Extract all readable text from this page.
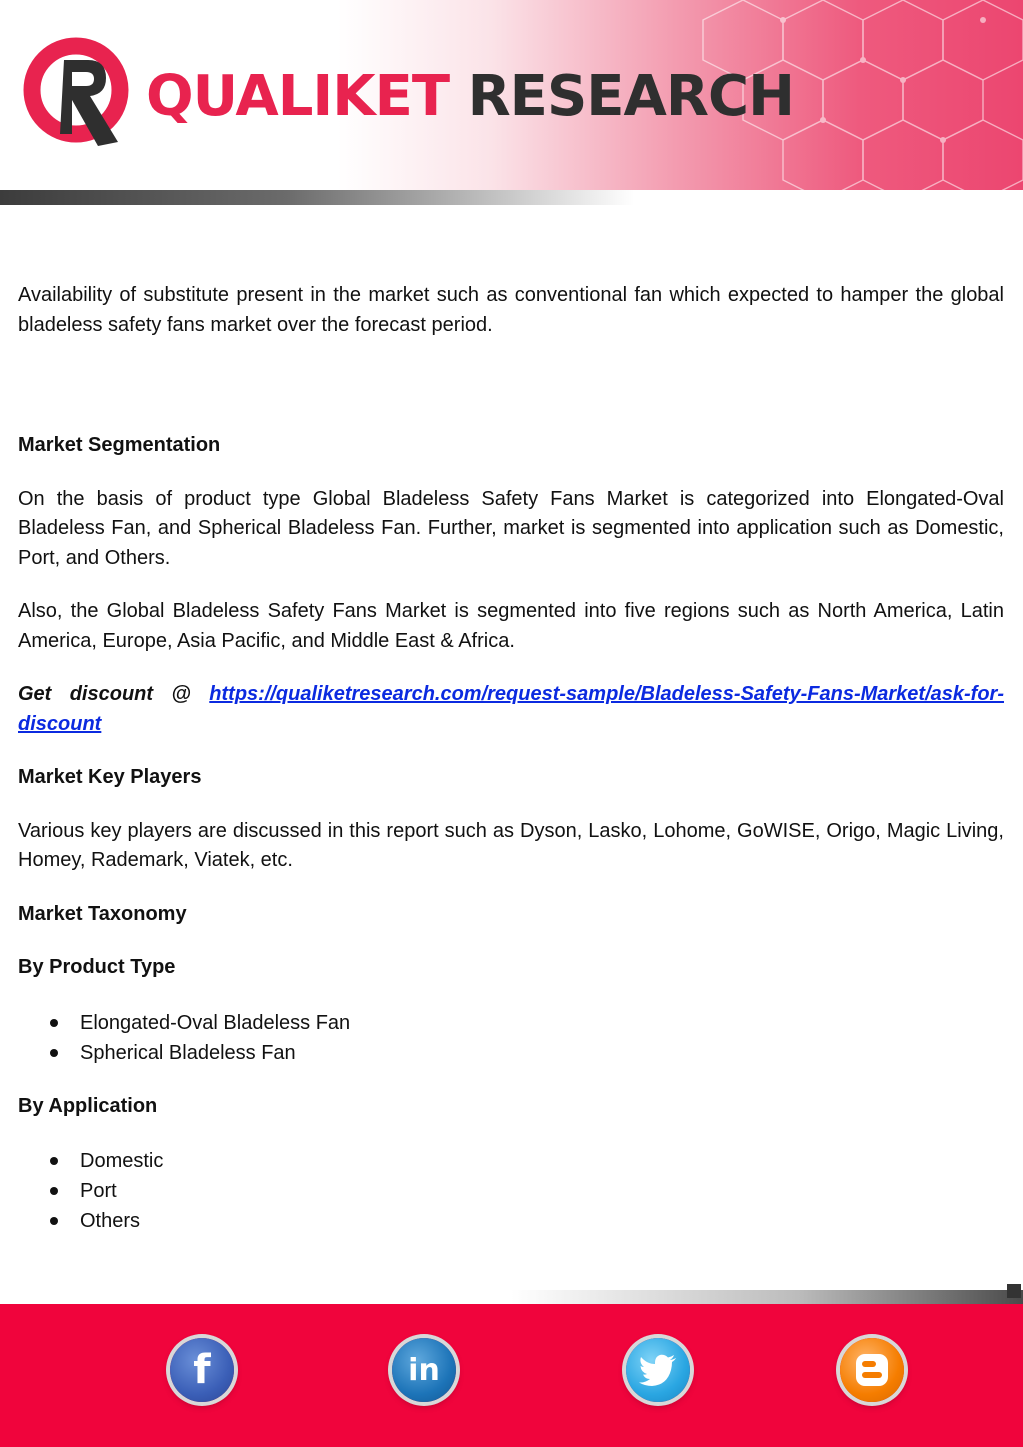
QUALIKET RESEARCH

Availability of substitute present in the market such as conventional fan which expected to hamper the global bladeless safety fans market over the forecast period.

Market Segmentation

On the basis of product type Global Bladeless Safety Fans Market is categorized into Elongated-Oval Bladeless Fan, and Spherical Bladeless Fan. Further, market is segmented into application such as Domestic, Port, and Others.

Also, the Global Bladeless Safety Fans Market is segmented into five regions such as North America, Latin America, Europe, Asia Pacific, and Middle East & Africa.

Get discount @ https://qualiketresearch.com/request-sample/Bladeless-Safety-Fans-Market/ask-for-discount

Market Key Players

Various key players are discussed in this report such as Dyson, Lasko, Lohome, GoWISE, Origo, Magic Living, Homey, Rademark, Viatek, etc.

Market Taxonomy

By Product Type

Elongated-Oval Bladeless Fan
Spherical Bladeless Fan

By Application

Domestic
Port
Others
f	in
